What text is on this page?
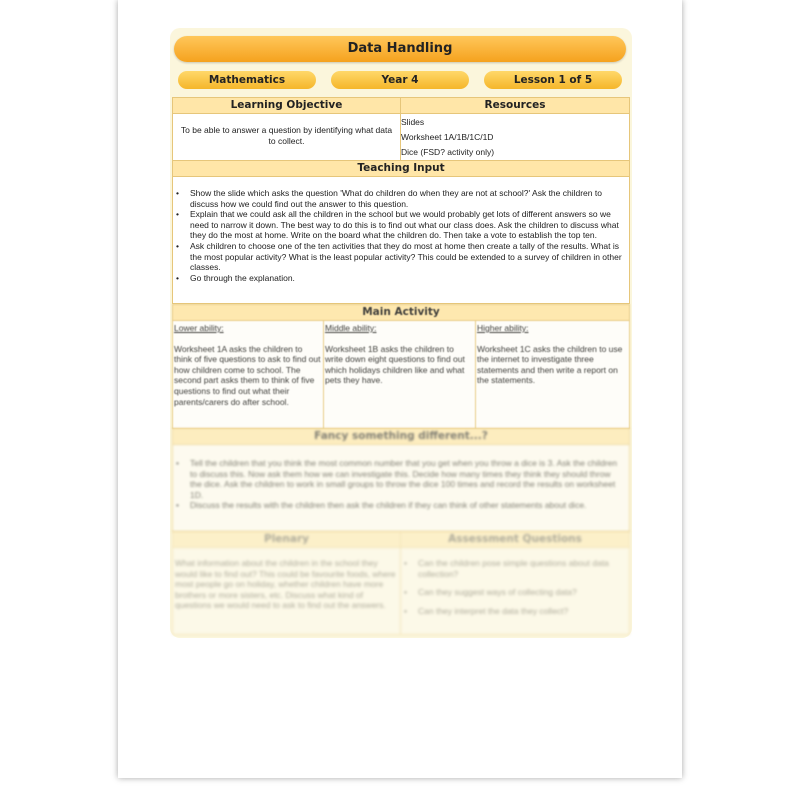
Data Handling
Mathematics	Year 4	Lesson 1 of 5
Learning Objective	Resources
To be able to answer a question by identifying what data to collect.
Slides
Worksheet 1A/1B/1C/1D
Dice (FSD? activity only)
Teaching Input
• Show the slide which asks the question 'What do children do when they are not at school?' Ask the children to discuss how we could find out the answer to this question.
• Explain that we could ask all the children in the school but we would probably get lots of different answers so we need to narrow it down. The best way to do this is to find out what our class does. Ask the children to discuss what they do the most at home. Write on the board what the children do. Then take a vote to establish the top ten.
• Ask children to choose one of the ten activities that they do most at home then create a tally of the results. What is the most popular activity? What is the least popular activity? This could be extended to a survey of children in other classes.
• Go through the explanation.
Main Activity
Lower ability:
Worksheet 1A asks the children to think of five questions to ask to find out how children come to school. The second part asks them to think of five questions to find out what their parents/carers do after school.
Middle ability:
Worksheet 1B asks the children to write down eight questions to find out which holidays children like and what pets they have.
Higher ability:
Worksheet 1C asks the children to use the internet to investigate three statements and then write a report on the statements.
Fancy something different...?
• Tell the children that you think the most common number that you get when you throw a dice is 3. Ask the children to discuss this. Now ask them how we can investigate this. Decide how many times they think they should throw the dice. Ask the children to work in small groups to throw the dice 100 times and record the results on worksheet 1D.
• Discuss the results with the children then ask the children if they can think of other statements about dice.
Plenary	Assessment Questions
What information about the children in the school they would like to find out? This could be favourite foods, where most people go on holiday, whether children have more brothers or more sisters, etc. Discuss what kind of questions we would need to ask to find out the answers.
• Can the children pose simple questions about data collection?
• Can they suggest ways of collecting data?
• Can they interpret the data they collect?
